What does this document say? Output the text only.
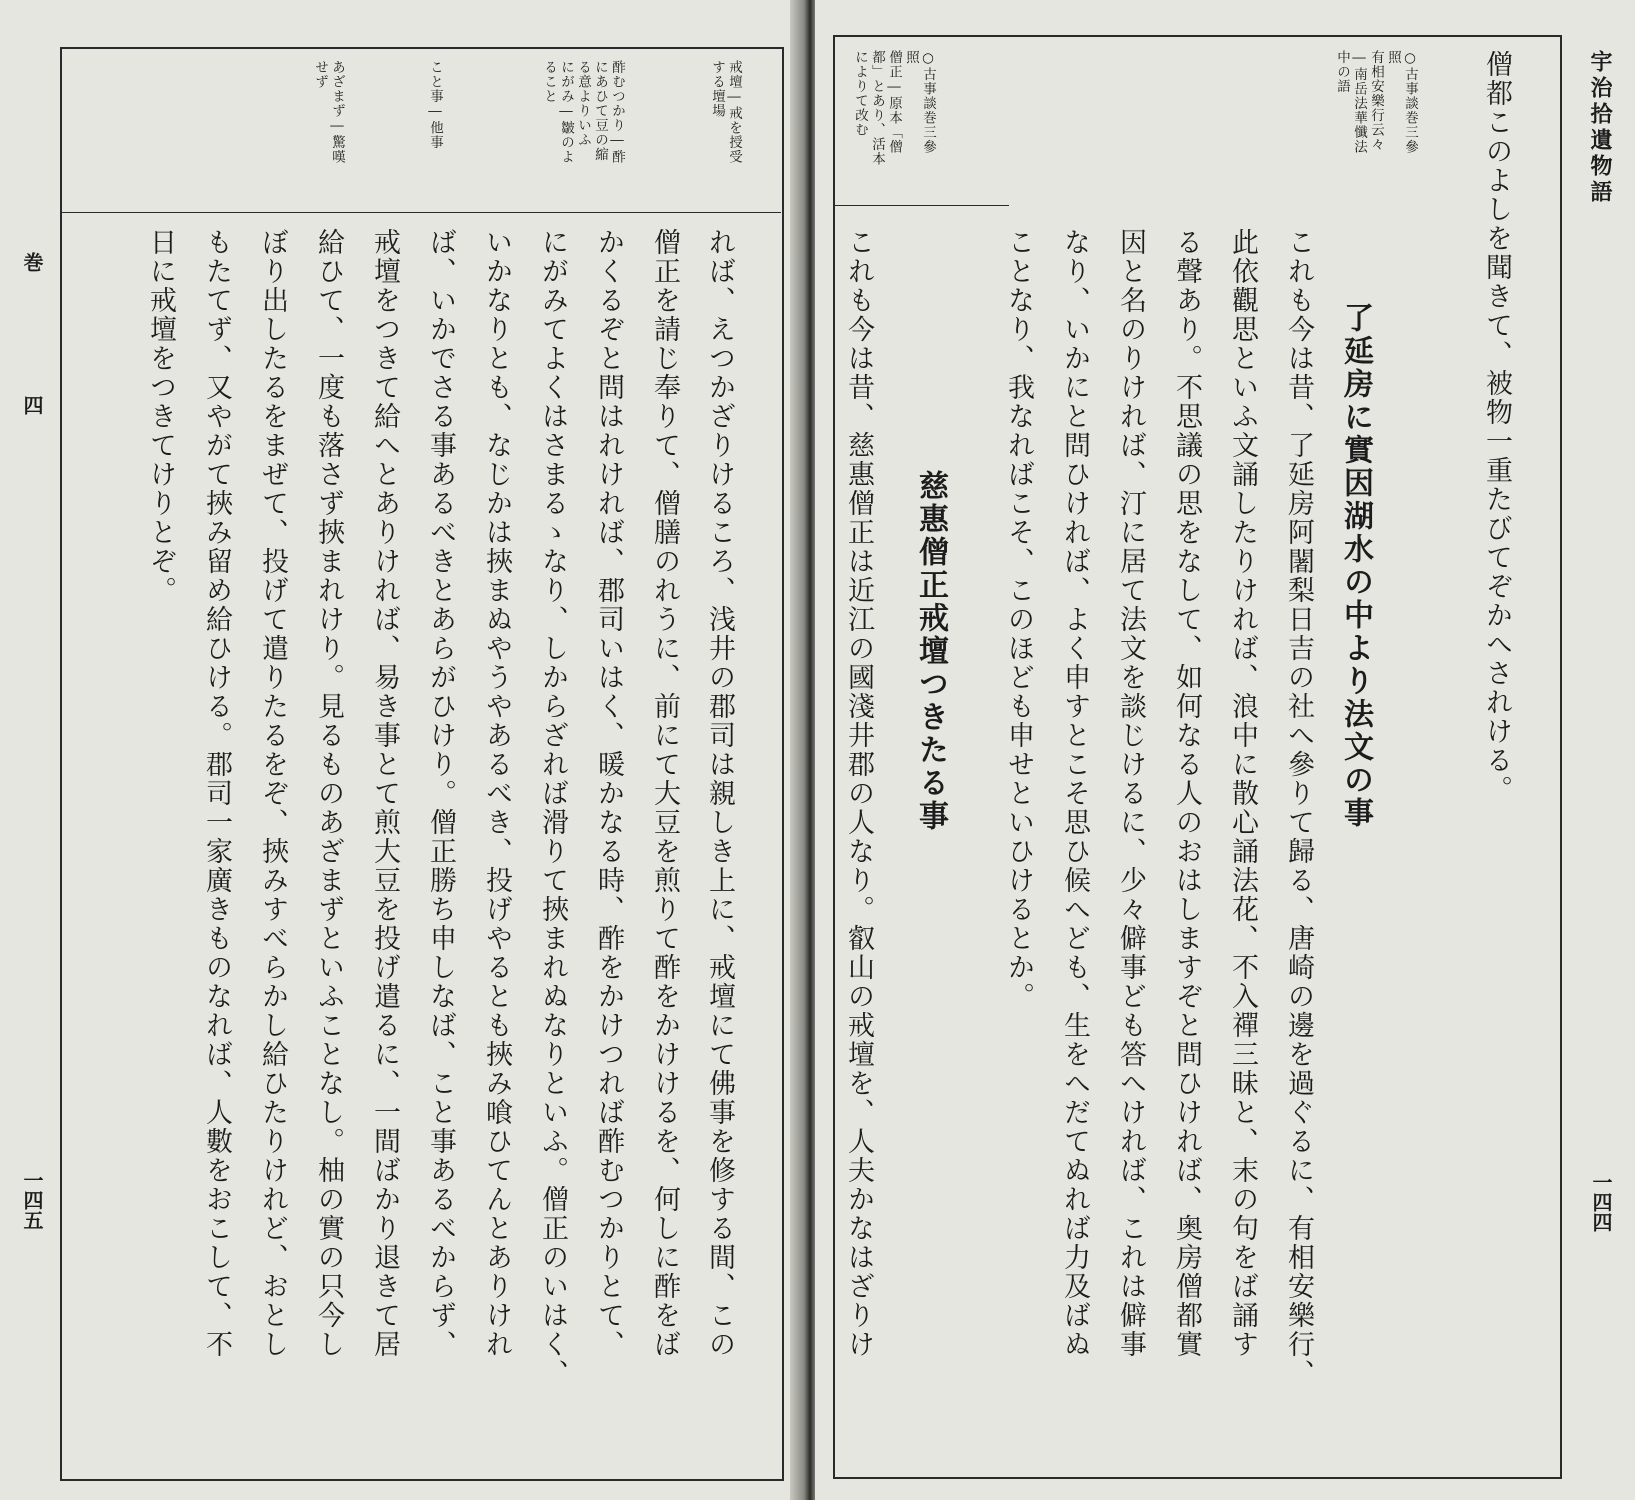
戒壇―戒を授受
する壇場
酢むつかり―酢
にあひて豆の縮
る意よりいふ
にがみ―皺のよ
ること
こと事―他事
あざまず―驚嘆
せず
れば、えつかざりけるころ、浅井の郡司は親しき上に、戒壇にて佛事を修する間、この
僧正を請じ奉りて、僧膳のれうに、前にて大豆を煎りて酢をかけけるを、何しに酢をば
かくるぞと問はれければ、郡司いはく、暖かなる時、酢をかけつれば酢むつかりとて、
にがみてよくはさまるゝなり、しからざれば滑りて挾まれぬなりといふ。僧正のいはく、
いかなりとも、なじかは挾まぬやうやあるべき、投げやるとも挾み喰ひてんとありけれ
ば、いかでさる事あるべきとあらがひけり。僧正勝ち申しなば、こと事あるべからず、
戒壇をつきて給へとありければ、易き事とて煎大豆を投げ遣るに、一間ばかり退きて居
給ひて、一度も落さず挾まれけり。見るものあざまずといふことなし。柚の實の只今し
ぼり出したるをまぜて、投げて遣りたるをぞ、挾みすべらかし給ひたりけれど、おとし
もたてず、又やがて挾み留め給ひける。郡司一家廣きものなれば、人數をおこして、不
日に戒壇をつきてけりとぞ。
巻
四
一四五
宇治拾遺物語
一四四
僧都このよしを聞きて、被物一重たびてぞかへされける。
了延房に實因湖水の中より法文の事
○古事談巻三參
照
有相安樂行云々
―南岳法華懺法
中の語
○古事談巻三參
照
僧正―原本「僧
都」とあり、活本
によりて改む
これも今は昔、了延房阿闍梨日吉の社へ參りて歸る、唐崎の邊を過ぐるに、有相安樂行、
此依觀思といふ文誦したりければ、浪中に散心誦法花、不入禪三昧と、末の句をば誦す
る聲あり。不思議の思をなして、如何なる人のおはしますぞと問ひければ、奥房僧都實
因と名のりければ、汀に居て法文を談じけるに、少々僻事ども答へければ、これは僻事
なり、いかにと問ひければ、よく申すとこそ思ひ候へども、生をへだてぬれば力及ばぬ
ことなり、我なればこそ、このほども申せといひけるとか。
慈惠僧正戒壇つきたる事
これも今は昔、慈惠僧正は近江の國淺井郡の人なり。叡山の戒壇を、人夫かなはざりけ
